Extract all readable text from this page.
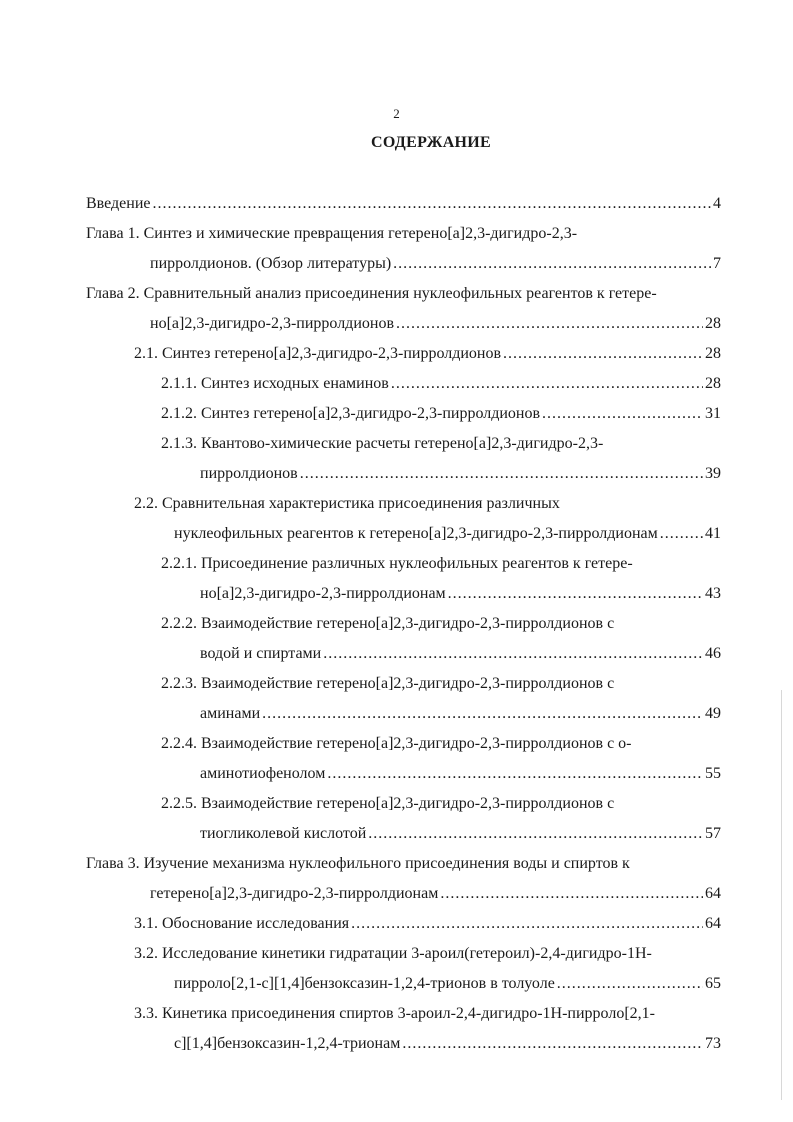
2
СОДЕРЖАНИЕ
Введение .....	4
Глава 1. Синтез и химические превращения гетерено[a]2,3-дигидро-2,3-
пирролдионов. (Обзор литературы) .....	7
Глава 2. Сравнительный анализ присоединения нуклеофильных реагентов к гетере-
но[a]2,3-дигидро-2,3-пирролдионов .....	28
2.1. Синтез гетерено[a]2,3-дигидро-2,3-пирролдионов .....	28
2.1.1. Синтез исходных енаминов .....	28
2.1.2. Синтез гетерено[a]2,3-дигидро-2,3-пирролдионов .....	31
2.1.3. Квантово-химические расчеты гетерено[a]2,3-дигидро-2,3-
пирролдионов .....	39
2.2. Сравнительная характеристика присоединения различных
нуклеофильных реагентов к гетерено[a]2,3-дигидро-2,3-пирролдионам .....	41
2.2.1. Присоединение различных нуклеофильных реагентов к гетере-
но[a]2,3-дигидро-2,3-пирролдионам .....	43
2.2.2. Взаимодействие гетерено[a]2,3-дигидро-2,3-пирролдионов с
водой и спиртами .....	46
2.2.3. Взаимодействие гетерено[a]2,3-дигидро-2,3-пирролдионов с
аминами .....	49
2.2.4. Взаимодействие гетерено[a]2,3-дигидро-2,3-пирролдионов с о-
аминотиофенолом .....	55
2.2.5. Взаимодействие гетерено[a]2,3-дигидро-2,3-пирролдионов с
тиогликолевой кислотой .....	57
Глава 3. Изучение механизма нуклеофильного присоединения воды и спиртов к
гетерено[a]2,3-дигидро-2,3-пирролдионам .....	64
3.1. Обоснование исследования .....	64
3.2. Исследование кинетики гидратации 3-ароил(гетероил)-2,4-дигидро-1Н-
пирроло[2,1-c][1,4]бензоксазин-1,2,4-трионов в толуоле .....	65
3.3. Кинетика присоединения спиртов 3-ароил-2,4-дигидро-1Н-пирроло[2,1-
c][1,4]бензоксазин-1,2,4-трионам .....	73
